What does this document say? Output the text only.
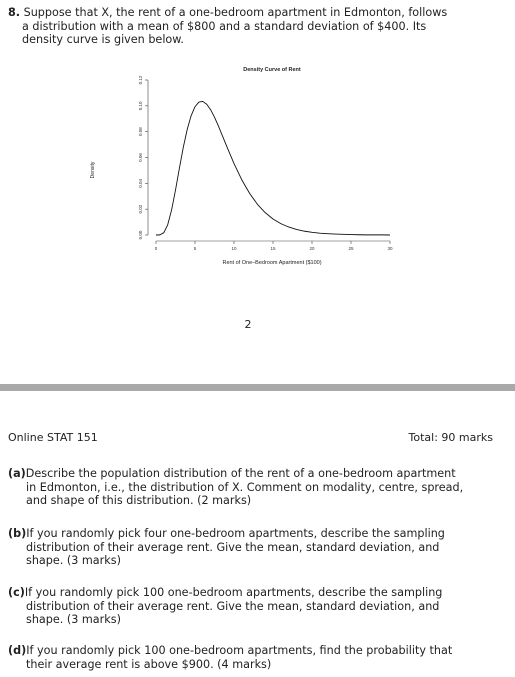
8. Suppose that X, the rent of a one-bedroom apartment in Edmonton, follows
a distribution with a mean of $800 and a standard deviation of $400. Its
density curve is given below.
Density Curve of Rent
Density
Rent of One–Bedroom Apartment ($100)
0	5	10	15	20	25	30
0.00
0.02
0.04
0.06
0.08
0.10
0.12
2
Online STAT 151	Total: 90 marks
(a)Describe the population distribution of the rent of a one-bedroom apartment
in Edmonton, i.e., the distribution of X. Comment on modality, centre, spread,
and shape of this distribution. (2 marks)
(b)If you randomly pick four one-bedroom apartments, describe the sampling
distribution of their average rent. Give the mean, standard deviation, and
shape. (3 marks)
(c)If you randomly pick 100 one-bedroom apartments, describe the sampling
distribution of their average rent. Give the mean, standard deviation, and
shape. (3 marks)
(d)If you randomly pick 100 one-bedroom apartments, find the probability that
their average rent is above $900. (4 marks)
